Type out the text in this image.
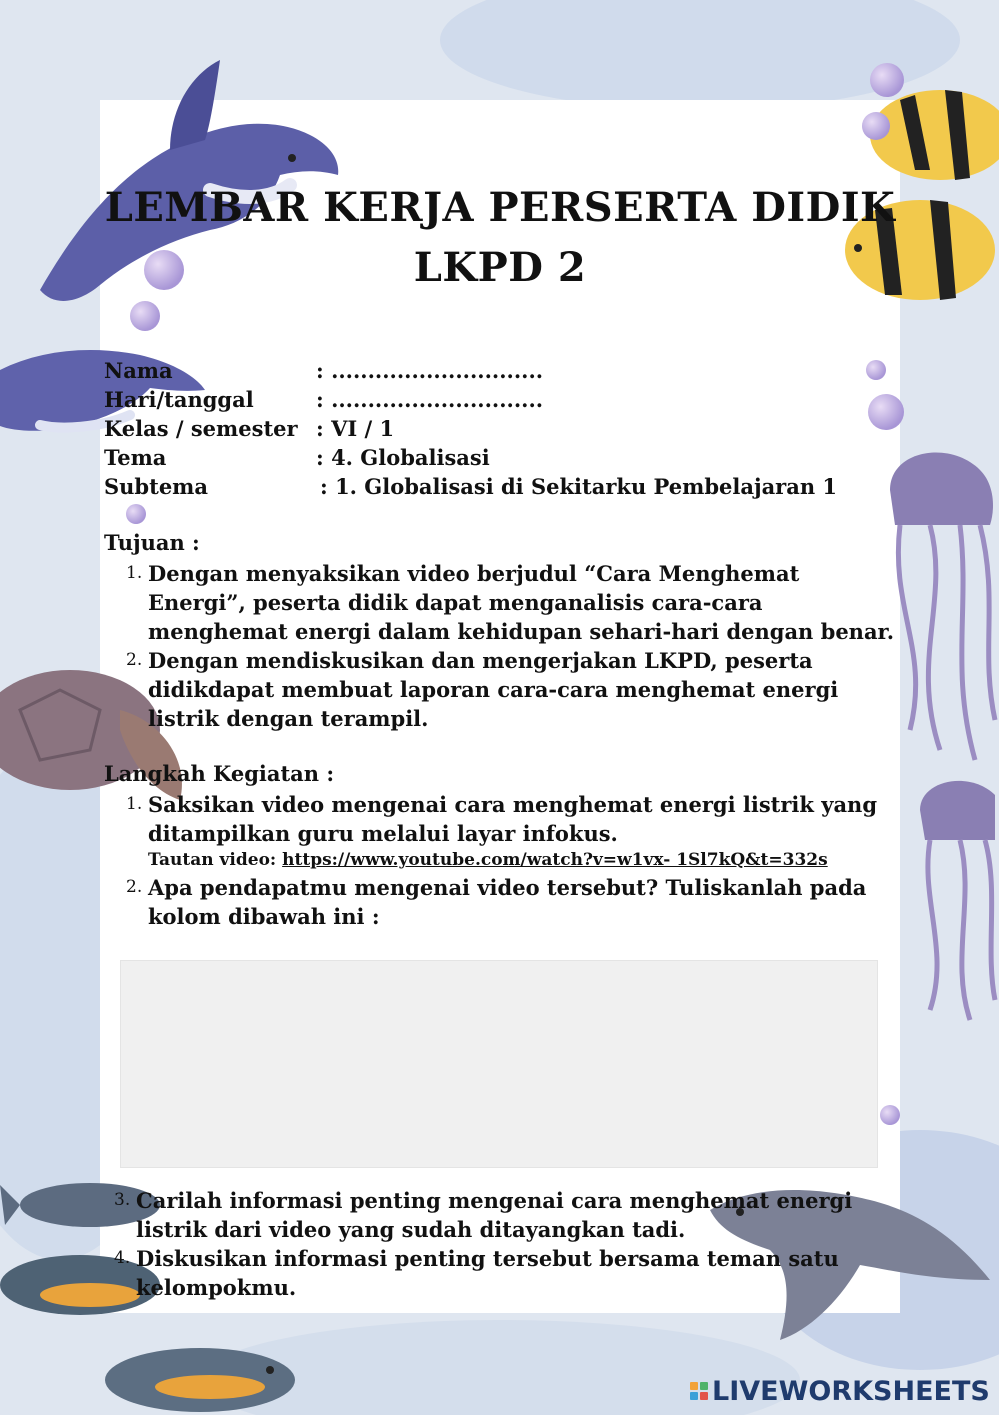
LEMBAR KERJA PERSERTA DIDIK
LKPD 2
Nama	: .............................
Hari/tanggal	: .............................
Kelas / semester : VI / 1
Tema	: 4. Globalisasi
Subtema	: 1. Globalisasi di Sekitarku Pembelajaran 1
Tujuan :
1. Dengan menyaksikan video berjudul “Cara Menghemat Energi”, peserta didik dapat menganalisis cara-cara menghemat energi dalam kehidupan sehari-hari dengan benar.
2. Dengan mendiskusikan dan mengerjakan LKPD, peserta didikdapat membuat laporan cara-cara menghemat energi listrik dengan terampil.
Langkah Kegiatan :
1. Saksikan video mengenai cara menghemat energi listrik yang ditampilkan guru melalui layar infokus.
Tautan video: https://www.youtube.com/watch?v=w1vx- 1Sl7kQ&t=332s
2. Apa pendapatmu mengenai video tersebut? Tuliskanlah pada kolom dibawah ini :
3. Carilah informasi penting mengenai cara menghemat energi listrik dari video yang sudah ditayangkan tadi.
4. Diskusikan informasi penting tersebut bersama teman satu kelompokmu.
LIVEWORKSHEETS
